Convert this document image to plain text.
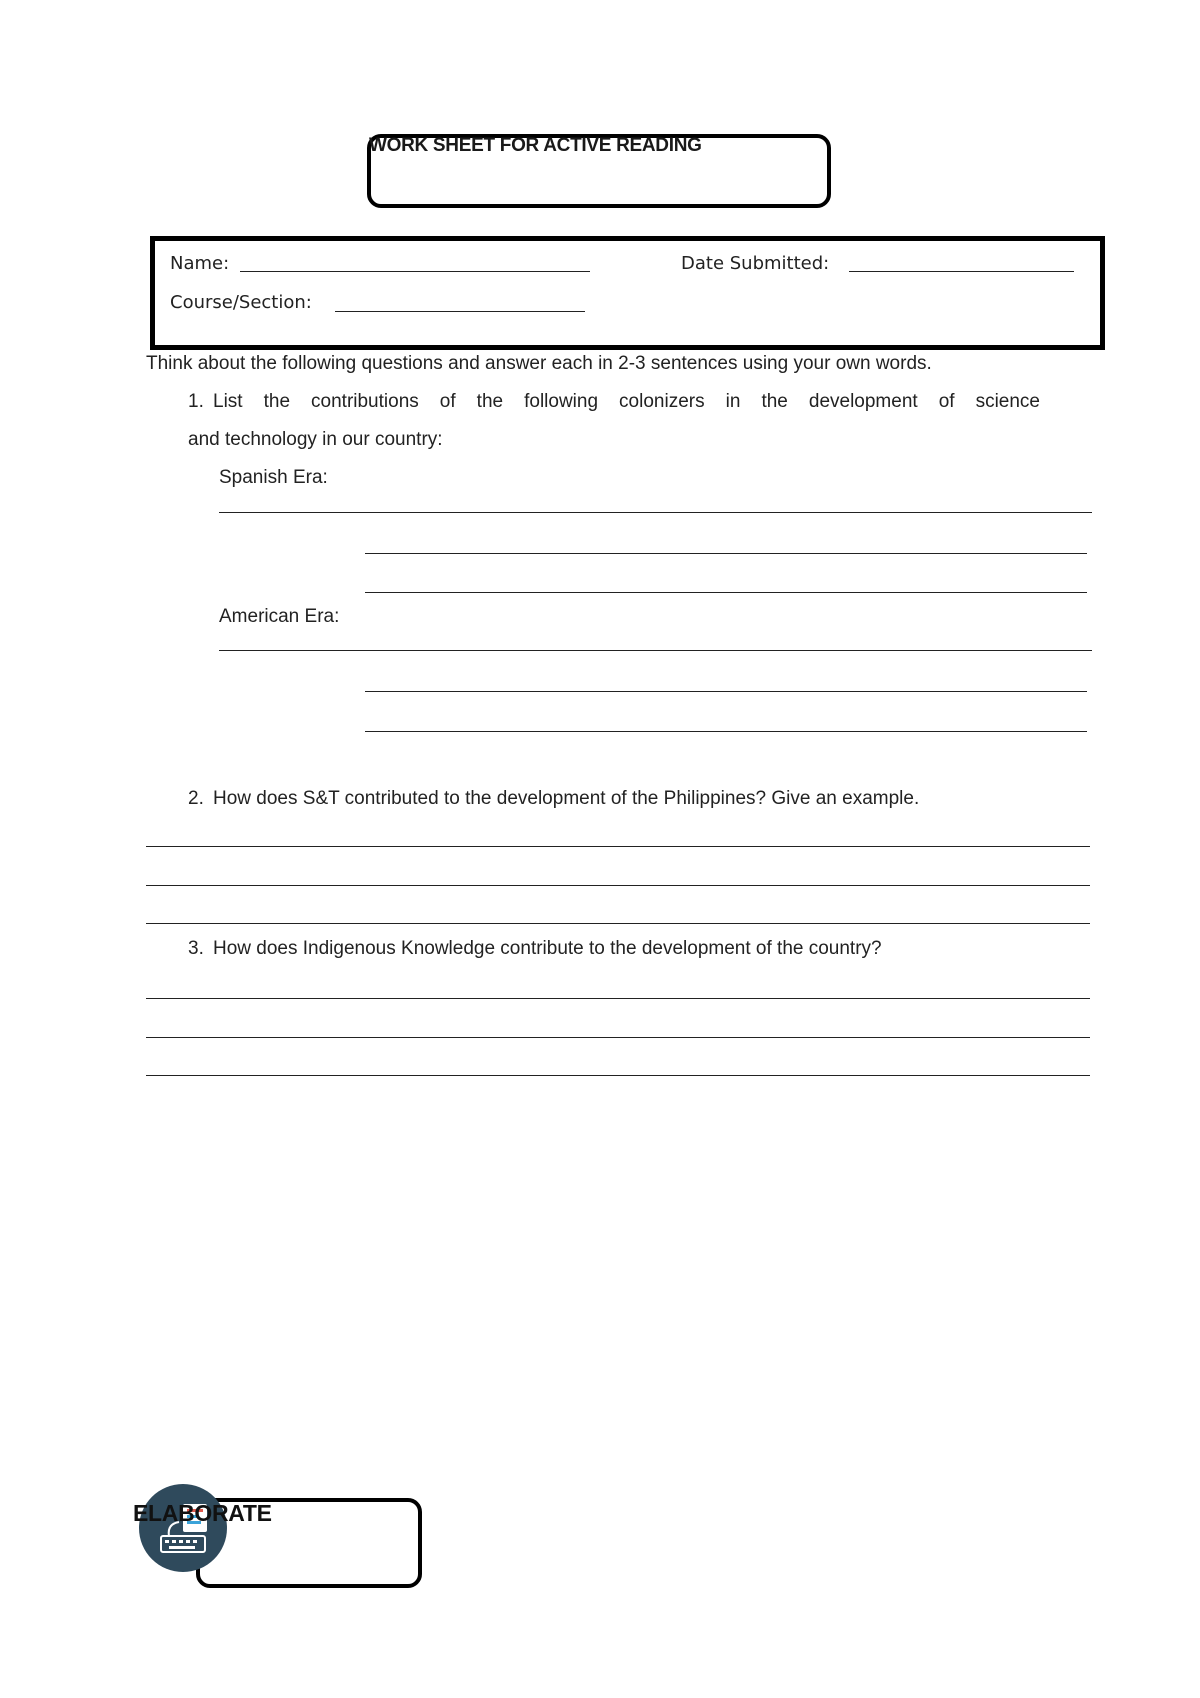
WORK SHEET FOR ACTIVE READING
Name:	Date Submitted:
Course/Section:
Think about the following questions and answer each in 2-3 sentences using your own words.
1. List the contributions of the following colonizers in the development of science
and technology in our country:
Spanish Era:
American Era:
2. How does S&T contributed to the development of the Philippines? Give an example.
3. How does Indigenous Knowledge contribute to the development of the country?
ELABORATE
